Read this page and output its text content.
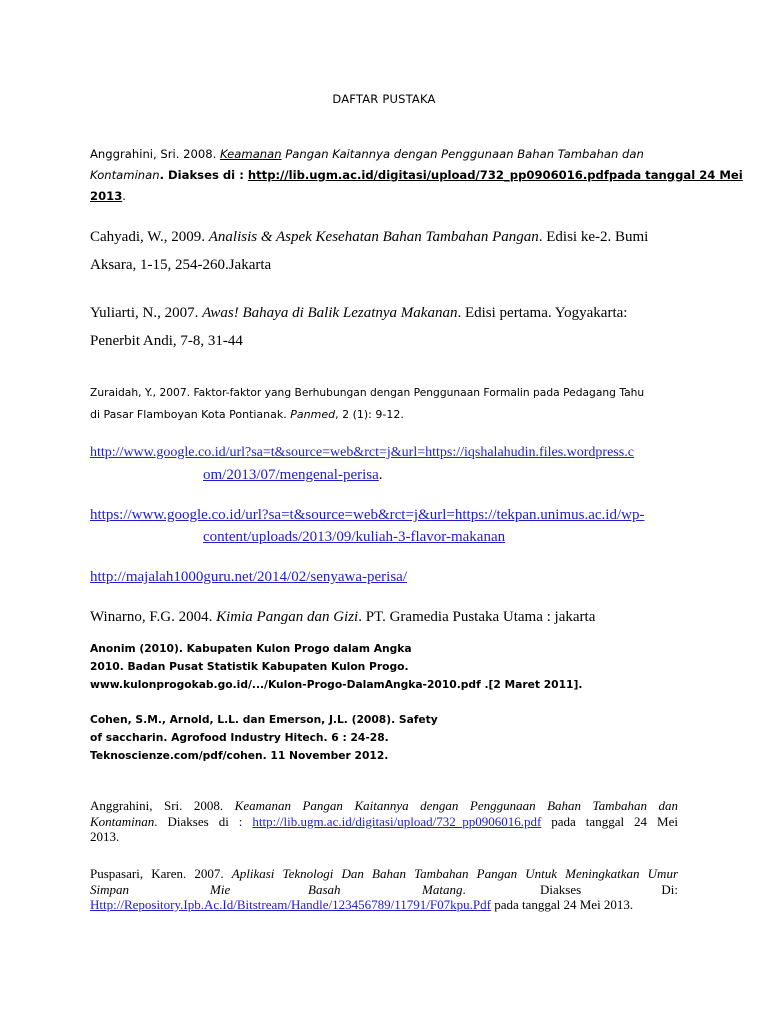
DAFTAR PUSTAKA
Anggrahini, Sri. 2008. Keamanan Pangan Kaitannya dengan Penggunaan Bahan Tambahan dan
Kontaminan. Diakses di : http://lib.ugm.ac.id/digitasi/upload/732_pp0906016.pdfpada tanggal 24 Mei
2013.
Cahyadi, W., 2009. Analisis & Aspek Kesehatan Bahan Tambahan Pangan. Edisi ke-2. Bumi
Aksara, 1-15, 254-260.Jakarta
Yuliarti, N., 2007. Awas! Bahaya di Balik Lezatnya Makanan. Edisi pertama. Yogyakarta:
Penerbit Andi, 7-8, 31-44
Zuraidah, Y., 2007. Faktor-faktor yang Berhubungan dengan Penggunaan Formalin pada Pedagang Tahu
di Pasar Flamboyan Kota Pontianak. Panmed, 2 (1): 9-12.
http://www.google.co.id/url?sa=t&source=web&rct=j&url=https://iqshalahudin.files.wordpress.c
om/2013/07/mengenal-perisa.
https://www.google.co.id/url?sa=t&source=web&rct=j&url=https://tekpan.unimus.ac.id/wp-
content/uploads/2013/09/kuliah-3-flavor-makanan
http://majalah1000guru.net/2014/02/senyawa-perisa/
Winarno, F.G. 2004. Kimia Pangan dan Gizi. PT. Gramedia Pustaka Utama : jakarta
Anonim (2010). Kabupaten Kulon Progo dalam Angka
2010. Badan Pusat Statistik Kabupaten Kulon Progo.
www.kulonprogokab.go.id/.../Kulon-Progo-DalamAngka-2010.pdf .[2 Maret 2011].
Cohen, S.M., Arnold, L.L. dan Emerson, J.L. (2008). Safety
of saccharin. Agrofood Industry Hitech. 6 : 24-28.
Teknoscienze.com/pdf/cohen. 11 November 2012.
Anggrahini, Sri. 2008. Keamanan Pangan Kaitannya dengan Penggunaan Bahan Tambahan dan
Kontaminan. Diakses di : http://lib.ugm.ac.id/digitasi/upload/732_pp0906016.pdf pada tanggal 24 Mei
2013.
Puspasari, Karen. 2007. Aplikasi Teknologi Dan Bahan Tambahan Pangan Untuk Meningkatkan Umur
Simpan	Mie	Basah	Matang.	Diakses	Di:
Http://Repository.Ipb.Ac.Id/Bitstream/Handle/123456789/11791/F07kpu.Pdf pada tanggal 24 Mei 2013.
